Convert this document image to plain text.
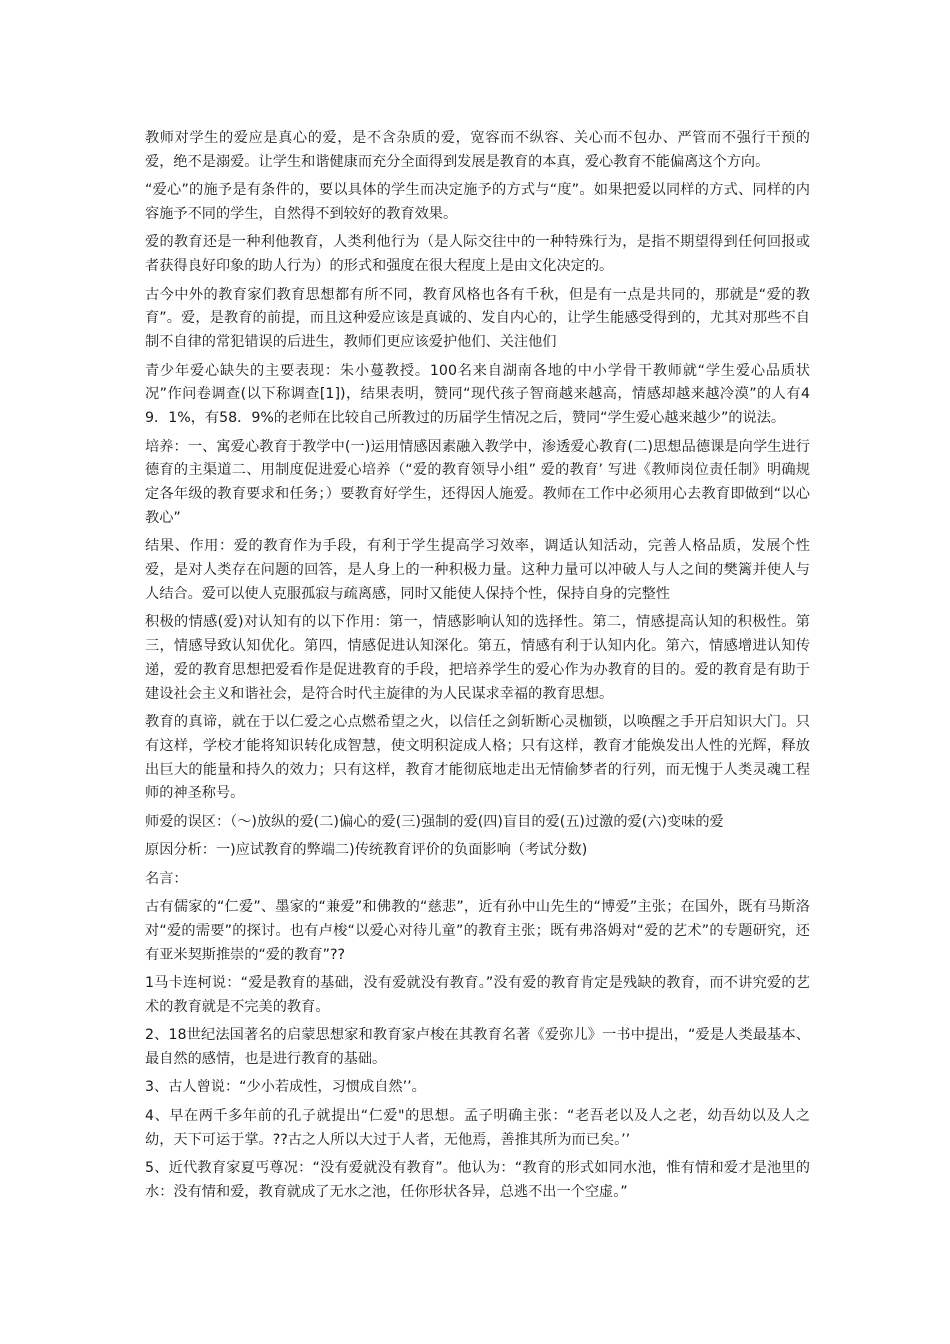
教师对学生的爱应是真心的爱，是不含杂质的爱，宽容而不纵容、关心而不包办、严管而不强行干预的爱，绝不是溺爱。让学生和谐健康而充分全面得到发展是教育的本真，爱心教育不能偏离这个方向。

“爱心”的施予是有条件的，要以具体的学生而决定施予的方式与“度”。如果把爱以同样的方式、同样的内容施予不同的学生，自然得不到较好的教育效果。

爱的教育还是一种利他教育，人类利他行为（是人际交往中的一种特殊行为，是指不期望得到任何回报或者获得良好印象的助人行为）的形式和强度在很大程度上是由文化决定的。

古今中外的教育家们教育思想都有所不同，教育风格也各有千秋，但是有一点是共同的，那就是“爱的教育”。爱，是教育的前提，而且这种爱应该是真诚的、发自内心的，让学生能感受得到的，尤其对那些不自制不自律的常犯错误的后进生，教师们更应该爱护他们、关注他们

青少年爱心缺失的主要表现：朱小蔓教授。100名来自湖南各地的中小学骨干教师就“学生爱心品质状况”作问卷调查(以下称调查[1])，结果表明，赞同“现代孩子智商越来越高，情感却越来越冷漠”的人有49．1%，有58．9%的老师在比较自己所教过的历届学生情况之后，赞同“学生爱心越来越少”的说法。

培养：一、寓爱心教育于教学中(一)运用情感因素融入教学中，渗透爱心教育(二)思想品德课是向学生进行德育的主渠道二、用制度促进爱心培养（“爱的教育领导小组” 爱的教育’ 写进《教师岗位责任制》明确规定各年级的教育要求和任务；）要教育好学生，还得因人施爱。教师在工作中必须用心去教育即做到“以心教心”

结果、作用：爱的教育作为手段，有利于学生提高学习效率，调适认知活动，完善人格品质，发展个性爱，是对人类存在问题的回答，是人身上的一种积极力量。这种力量可以冲破人与人之间的樊篱并使人与人结合。爱可以使人克服孤寂与疏离感，同时又能使人保持个性，保持自身的完整性

积极的情感(爱)对认知有的以下作用：第一，情感影响认知的选择性。第二，情感提高认知的积极性。第三，情感导致认知优化。第四，情感促进认知深化。第五，情感有利于认知内化。第六，情感增进认知传递，爱的教育思想把爱看作是促进教育的手段，把培养学生的爱心作为办教育的目的。爱的教育是有助于建设社会主义和谐社会，是符合时代主旋律的为人民谋求幸福的教育思想。

教育的真谛，就在于以仁爱之心点燃希望之火，以信任之剑斩断心灵枷锁，以唤醒之手开启知识大门。只有这样，学校才能将知识转化成智慧，使文明积淀成人格；只有这样，教育才能焕发出人性的光辉，释放出巨大的能量和持久的效力；只有这样，教育才能彻底地走出无情偷梦者的行列，而无愧于人类灵魂工程师的神圣称号。

师爱的误区：（～)放纵的爱(二)偏心的爱(三)强制的爱(四)盲目的爱(五)过激的爱(六)变味的爱

原因分析：一)应试教育的弊端二)传统教育评价的负面影响（考试分数)

名言：

古有儒家的“仁爱”、墨家的“兼爱”和佛教的“慈悲”，近有孙中山先生的“博爱”主张；在国外，既有马斯洛对“爱的需要”的探讨。也有卢梭“以爱心对待儿童”的教育主张；既有弗洛姆对“爱的艺术”的专题研究，还有亚米契斯推崇的“爱的教育”??

1马卡连柯说：“爱是教育的基础，没有爱就没有教育。”没有爱的教育肯定是残缺的教育，而不讲究爱的艺术的教育就是不完美的教育。

2、18世纪法国著名的启蒙思想家和教育家卢梭在其教育名著《爱弥儿》一书中提出，“爱是人类最基本、最自然的感情，也是进行教育的基础。

3、古人曾说：“少小若成性，习惯成自然’’。

4、早在两千多年前的孔子就提出“仁爱"的思想。孟子明确主张：“老吾老以及人之老，幼吾幼以及人之幼，天下可运于掌。??古之人所以大过于人者，无他焉，善推其所为而已矣。’’

5、近代教育家夏丐尊况：“没有爱就没有教育”。他认为：“教育的形式如同水池，惟有情和爱才是池里的水：没有情和爱，教育就成了无水之池，任你形状各异，总逃不出一个空虚。”
